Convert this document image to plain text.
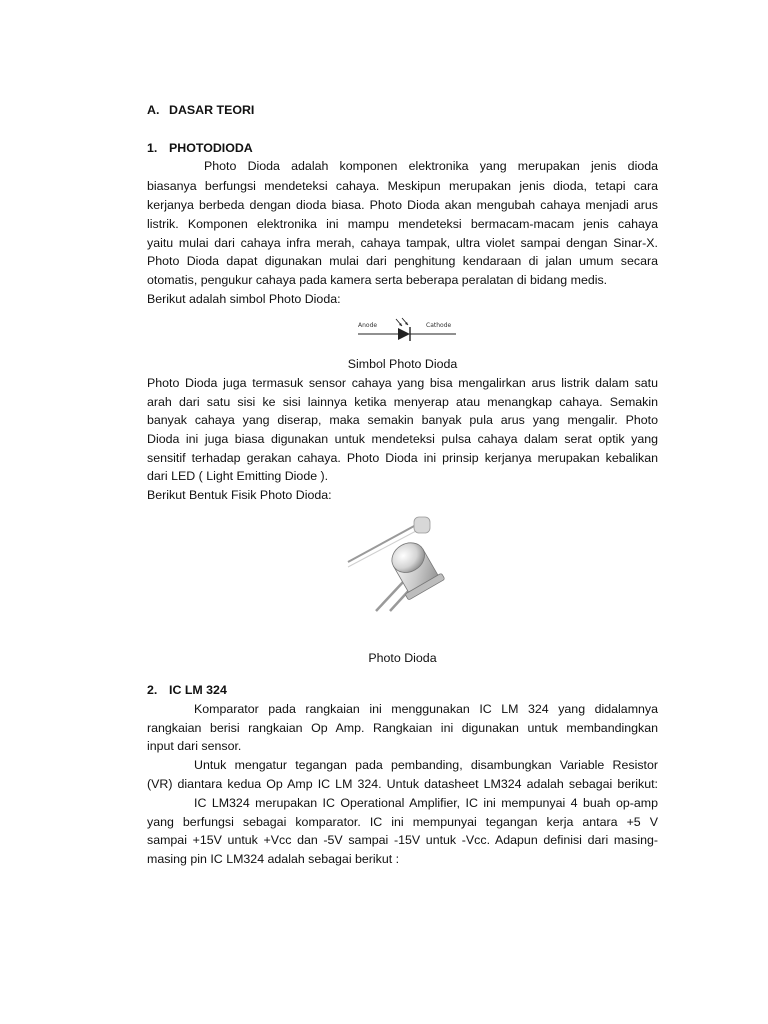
A. DASAR TEORI
1. PHOTODIODA
Photo Dioda adalah komponen elektronika yang merupakan jenis dioda
biasanya berfungsi mendeteksi cahaya. Meskipun merupakan jenis dioda, tetapi cara
kerjanya berbeda dengan dioda biasa. Photo Dioda akan mengubah cahaya menjadi arus
listrik. Komponen elektronika ini mampu mendeteksi bermacam-macam jenis cahaya
yaitu mulai dari cahaya infra merah, cahaya tampak, ultra violet sampai dengan Sinar-X.
Photo Dioda dapat digunakan mulai dari penghitung kendaraan di jalan umum secara
otomatis, pengukur cahaya pada kamera serta beberapa peralatan di bidang medis.
Berikut adalah simbol Photo Dioda:
Simbol Photo Dioda
Photo Dioda juga termasuk sensor cahaya yang bisa mengalirkan arus listrik dalam satu
arah dari satu sisi ke sisi lainnya ketika menyerap atau menangkap cahaya. Semakin
banyak cahaya yang diserap, maka semakin banyak pula arus yang mengalir. Photo
Dioda ini juga biasa digunakan untuk mendeteksi pulsa cahaya dalam serat optik yang
sensitif terhadap gerakan cahaya. Photo Dioda ini prinsip kerjanya merupakan kebalikan
dari LED ( Light Emitting Diode ).
Berikut Bentuk Fisik Photo Dioda:
Photo Dioda
2. IC LM 324
Komparator pada rangkaian ini menggunakan IC LM 324 yang didalamnya
rangkaian berisi rangkaian Op Amp. Rangkaian ini digunakan untuk membandingkan
input dari sensor.
Untuk mengatur tegangan pada pembanding, disambungkan Variable Resistor
(VR) diantara kedua Op Amp IC LM 324. Untuk datasheet LM324 adalah sebagai berikut:
IC LM324 merupakan IC Operational Amplifier, IC ini mempunyai 4 buah op-amp
yang berfungsi sebagai komparator. IC ini mempunyai tegangan kerja antara +5 V
sampai +15V untuk +Vcc dan -5V sampai -15V untuk -Vcc. Adapun definisi dari masing-
masing pin IC LM324 adalah sebagai berikut :
Anode	Cathode
